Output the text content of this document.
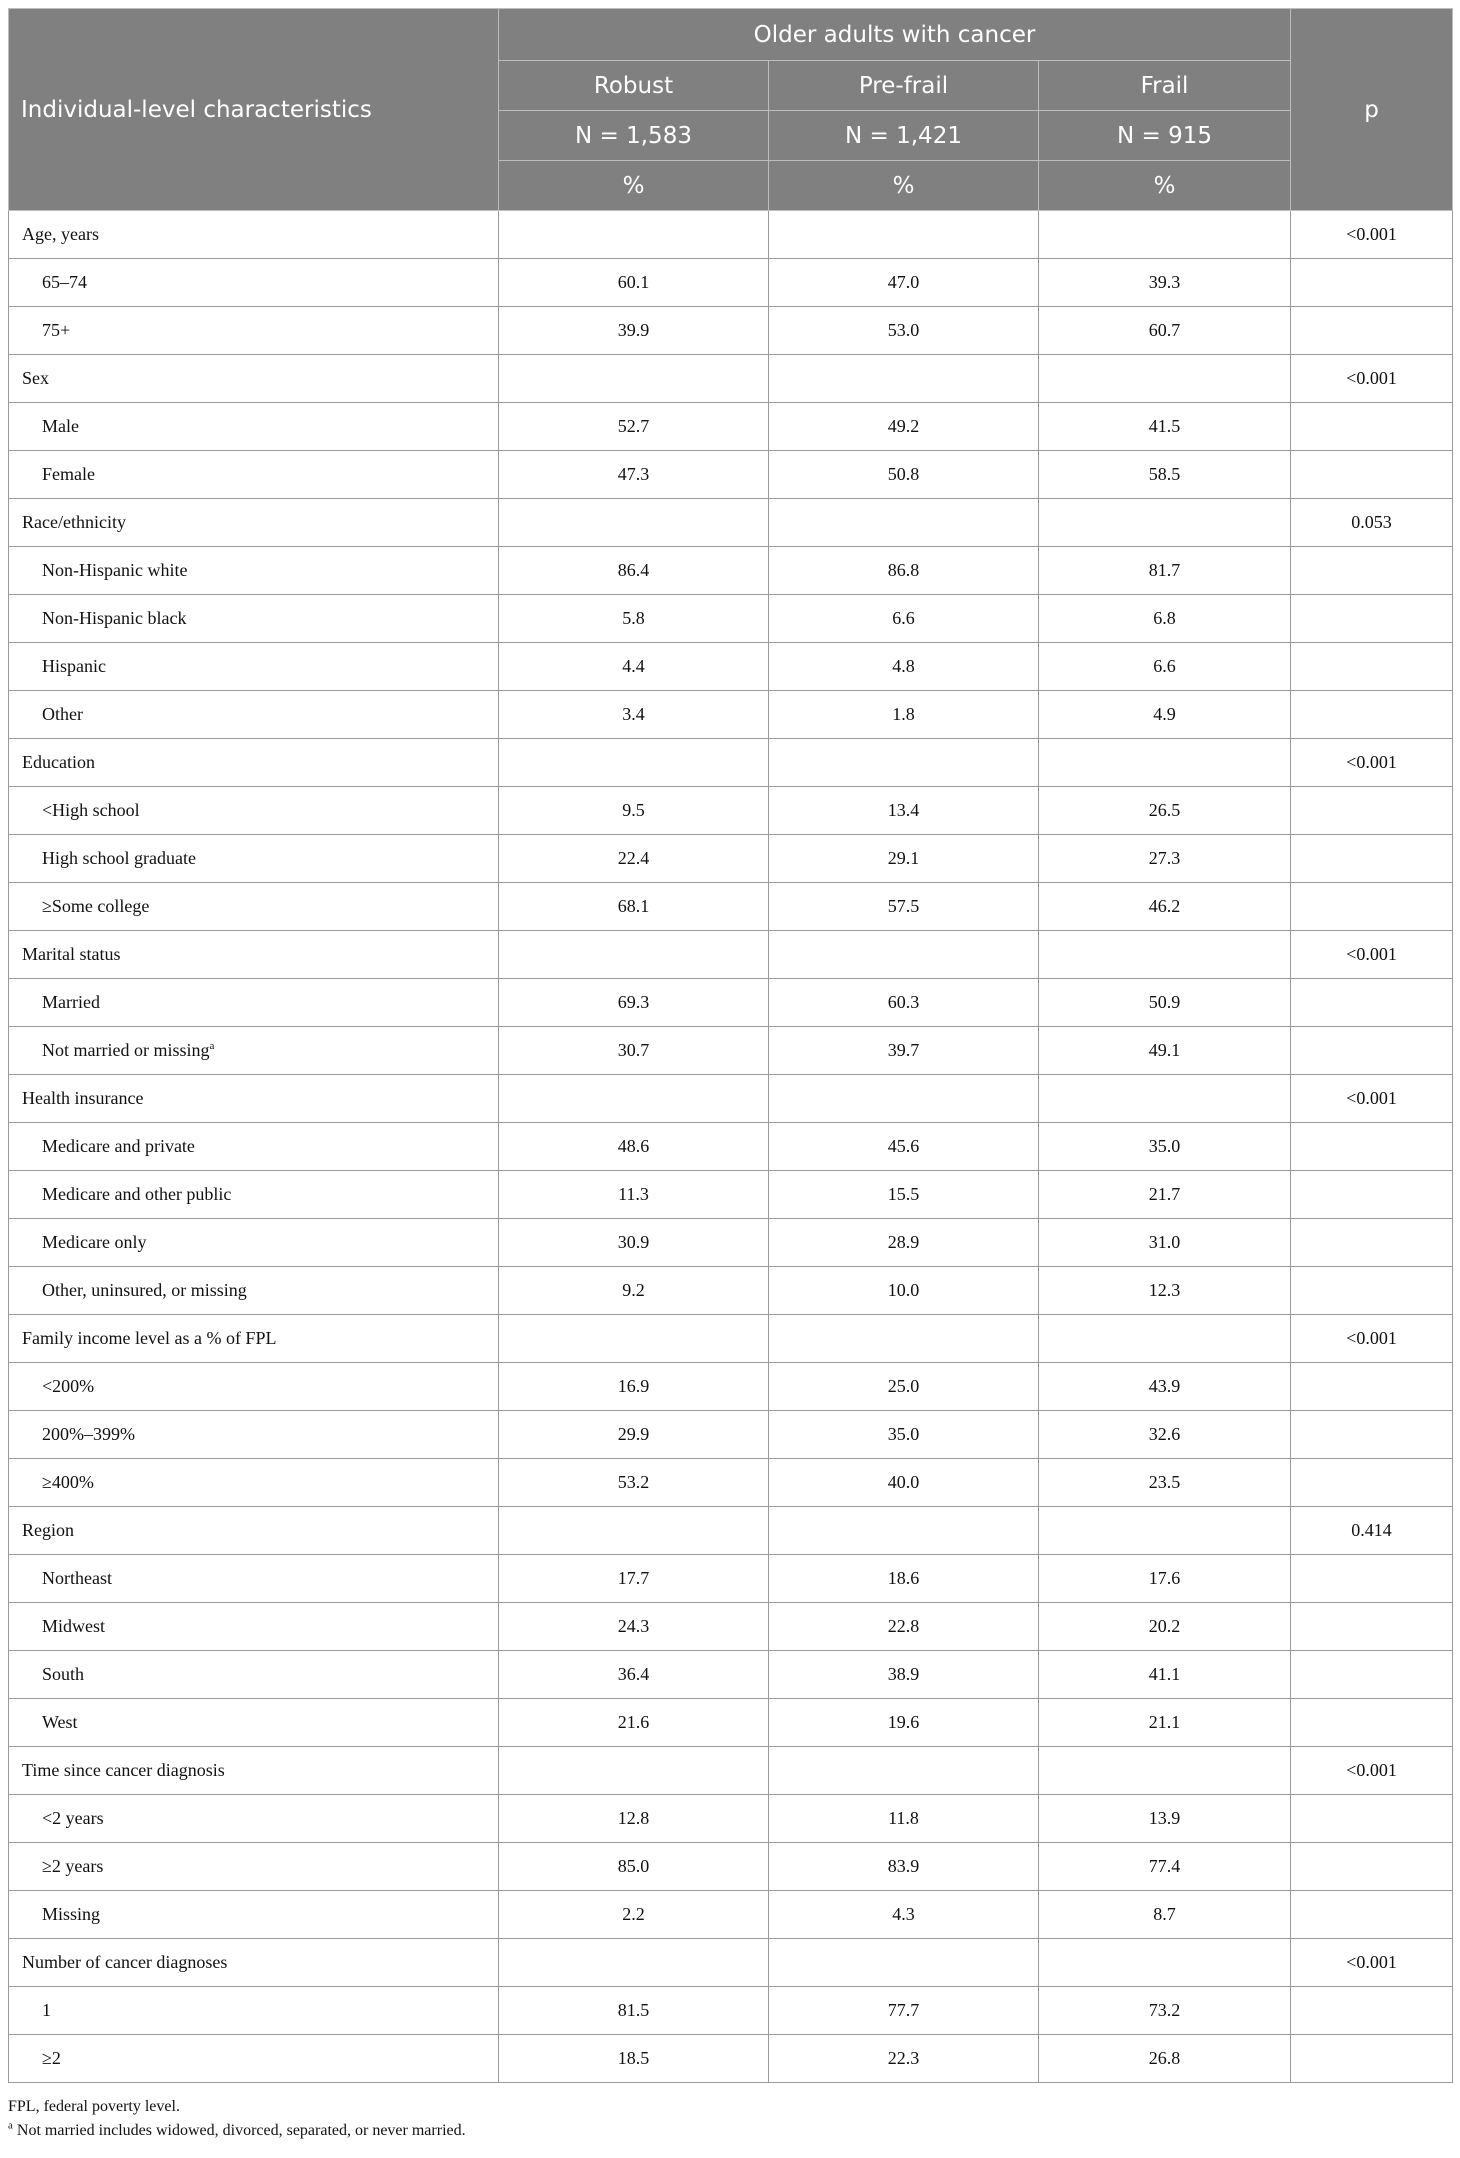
Individual-level characteristics	Older adults with cancer			p
	Robust	Pre-frail	Frail	
	N = 1,583	N = 1,421	N = 915	
	%	%	%	
Age, years				<0.001
65–74	60.1	47.0	39.3	
75+	39.9	53.0	60.7	
Sex				<0.001
Male	52.7	49.2	41.5	
Female	47.3	50.8	58.5	
Race/ethnicity				0.053
Non-Hispanic white	86.4	86.8	81.7	
Non-Hispanic black	5.8	6.6	6.8	
Hispanic	4.4	4.8	6.6	
Other	3.4	1.8	4.9	
Education				<0.001
<High school	9.5	13.4	26.5	
High school graduate	22.4	29.1	27.3	
≥Some college	68.1	57.5	46.2	
Marital status				<0.001
Married	69.3	60.3	50.9	
Not married or missing$^a$	30.7	39.7	49.1	
Health insurance				<0.001
Medicare and private	48.6	45.6	35.0	
Medicare and other public	11.3	15.5	21.7	
Medicare only	30.9	28.9	31.0	
Other, uninsured, or missing	9.2	10.0	12.3	
Family income level as a % of FPL				<0.001
<200%	16.9	25.0	43.9	
200%–399%	29.9	35.0	32.6	
≥400%	53.2	40.0	23.5	
Region				0.414
Northeast	17.7	18.6	17.6	
Midwest	24.3	22.8	20.2	
South	36.4	38.9	41.1	
West	21.6	19.6	21.1	
Time since cancer diagnosis				<0.001
<2 years	12.8	11.8	13.9	
≥2 years	85.0	83.9	77.4	
Missing	2.2	4.3	8.7	
Number of cancer diagnoses				<0.001
1	81.5	77.7	73.2	
≥2	18.5	22.3	26.8	
FPL, federal poverty level.
$^a$ Not married includes widowed, divorced, separated, or never married.
